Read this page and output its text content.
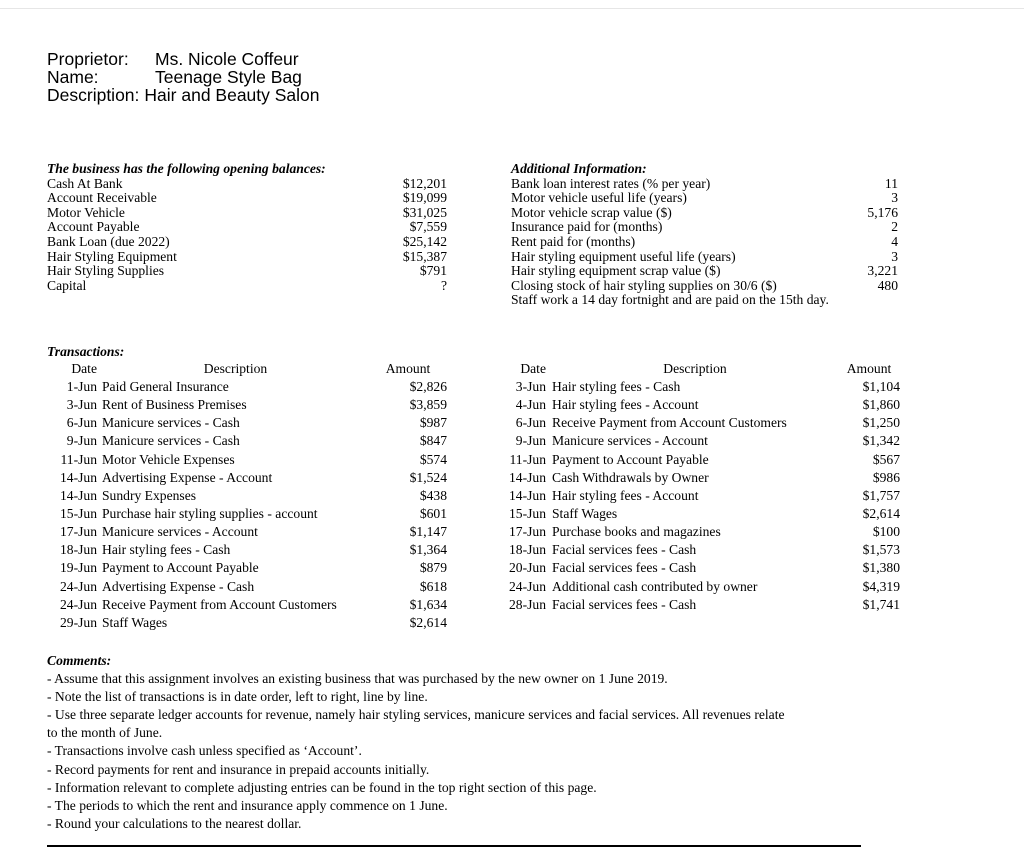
Proprietor:	Ms. Nicole Coffeur
Name:	Teenage Style Bag
Description: Hair and Beauty Salon
The business has the following opening balances:
Cash At Bank	$12,201
Account Receivable	$19,099
Motor Vehicle	$31,025
Account Payable	$7,559
Bank Loan (due 2022)	$25,142
Hair Styling Equipment	$15,387
Hair Styling Supplies	$791
Capital	?
Additional Information:
Bank loan interest rates (% per year)	11
Motor vehicle useful life (years)	3
Motor vehicle scrap value ($)	5,176
Insurance paid for (months)	2
Rent paid for (months)	4
Hair styling equipment useful life (years)	3
Hair styling equipment scrap value ($)	3,221
Closing stock of hair styling supplies on 30/6 ($)	480
Staff work a 14 day fortnight and are paid on the 15th day.
Transactions:
Date	Description	Amount
1-Jun Paid General Insurance	$2,826
3-Jun Rent of Business Premises	$3,859
6-Jun Manicure services - Cash	$987
9-Jun Manicure services - Cash	$847
11-Jun Motor Vehicle Expenses	$574
14-Jun Advertising Expense - Account	$1,524
14-Jun Sundry Expenses	$438
15-Jun Purchase hair styling supplies - account	$601
17-Jun Manicure services - Account	$1,147
18-Jun Hair styling fees - Cash	$1,364
19-Jun Payment to Account Payable	$879
24-Jun Advertising Expense - Cash	$618
24-Jun Receive Payment from Account Customers	$1,634
29-Jun Staff Wages	$2,614
Date	Description	Amount
3-Jun Hair styling fees - Cash	$1,104
4-Jun Hair styling fees - Account	$1,860
6-Jun Receive Payment from Account Customers	$1,250
9-Jun Manicure services - Account	$1,342
11-Jun Payment to Account Payable	$567
14-Jun Cash Withdrawals by Owner	$986
14-Jun Hair styling fees - Account	$1,757
15-Jun Staff Wages	$2,614
17-Jun Purchase books and magazines	$100
18-Jun Facial services fees - Cash	$1,573
20-Jun Facial services fees - Cash	$1,380
24-Jun Additional cash contributed by owner	$4,319
28-Jun Facial services fees - Cash	$1,741
Comments:
- Assume that this assignment involves an existing business that was purchased by the new owner on 1 June 2019.
- Note the list of transactions is in date order, left to right, line by line.
- Use three separate ledger accounts for revenue, namely hair styling services, manicure services and facial services. All revenues relate
to the month of June.
- Transactions involve cash unless specified as ‘Account’.
- Record payments for rent and insurance in prepaid accounts initially.
- Information relevant to complete adjusting entries can be found in the top right section of this page.
- The periods to which the rent and insurance apply commence on 1 June.
- Round your calculations to the nearest dollar.
